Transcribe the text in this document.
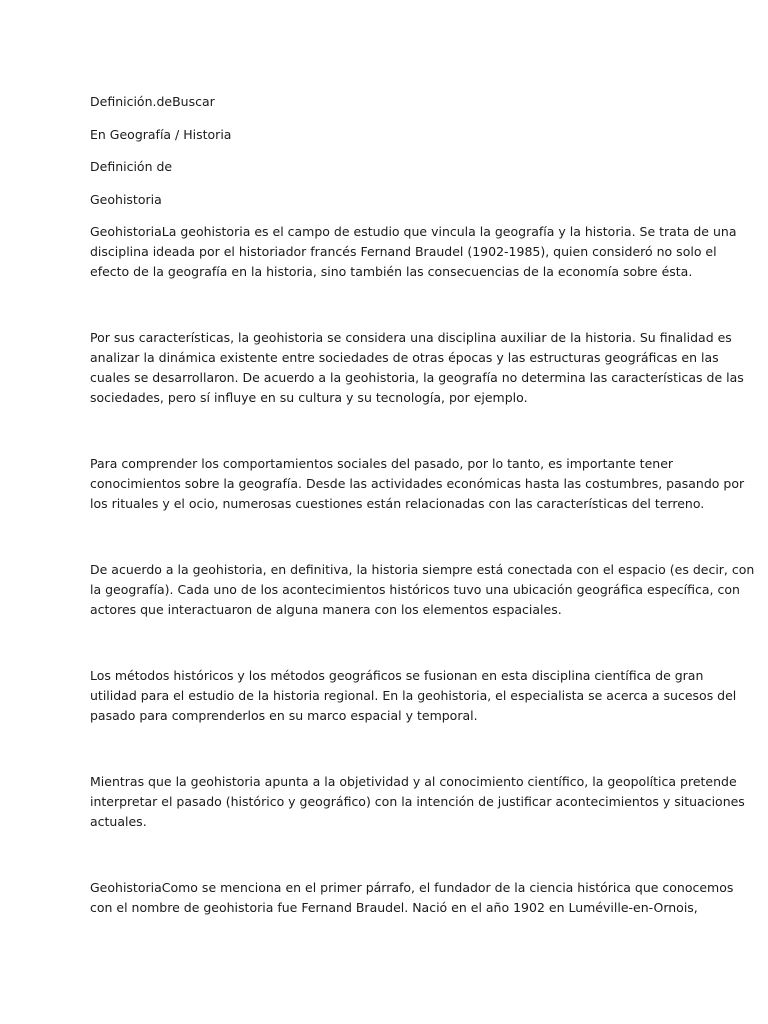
Definición.deBuscar

En Geografía / Historia

Definición de

Geohistoria

GeohistoriaLa geohistoria es el campo de estudio que vincula la geografía y la historia. Se trata de una

disciplina ideada por el historiador francés Fernand Braudel (1902-1985), quien consideró no solo el

efecto de la geografía en la historia, sino también las consecuencias de la economía sobre ésta.

Por sus características, la geohistoria se considera una disciplina auxiliar de la historia. Su finalidad es

analizar la dinámica existente entre sociedades de otras épocas y las estructuras geográficas en las

cuales se desarrollaron. De acuerdo a la geohistoria, la geografía no determina las características de las

sociedades, pero sí influye en su cultura y su tecnología, por ejemplo.

Para comprender los comportamientos sociales del pasado, por lo tanto, es importante tener

conocimientos sobre la geografía. Desde las actividades económicas hasta las costumbres, pasando por

los rituales y el ocio, numerosas cuestiones están relacionadas con las características del terreno.

De acuerdo a la geohistoria, en definitiva, la historia siempre está conectada con el espacio (es decir, con

la geografía). Cada uno de los acontecimientos históricos tuvo una ubicación geográfica específica, con

actores que interactuaron de alguna manera con los elementos espaciales.

Los métodos históricos y los métodos geográficos se fusionan en esta disciplina científica de gran

utilidad para el estudio de la historia regional. En la geohistoria, el especialista se acerca a sucesos del

pasado para comprenderlos en su marco espacial y temporal.

Mientras que la geohistoria apunta a la objetividad y al conocimiento científico, la geopolítica pretende

interpretar el pasado (histórico y geográfico) con la intención de justificar acontecimientos y situaciones

actuales.

GeohistoriaComo se menciona en el primer párrafo, el fundador de la ciencia histórica que conocemos

con el nombre de geohistoria fue Fernand Braudel. Nació en el año 1902 en Luméville-en-Ornois,
